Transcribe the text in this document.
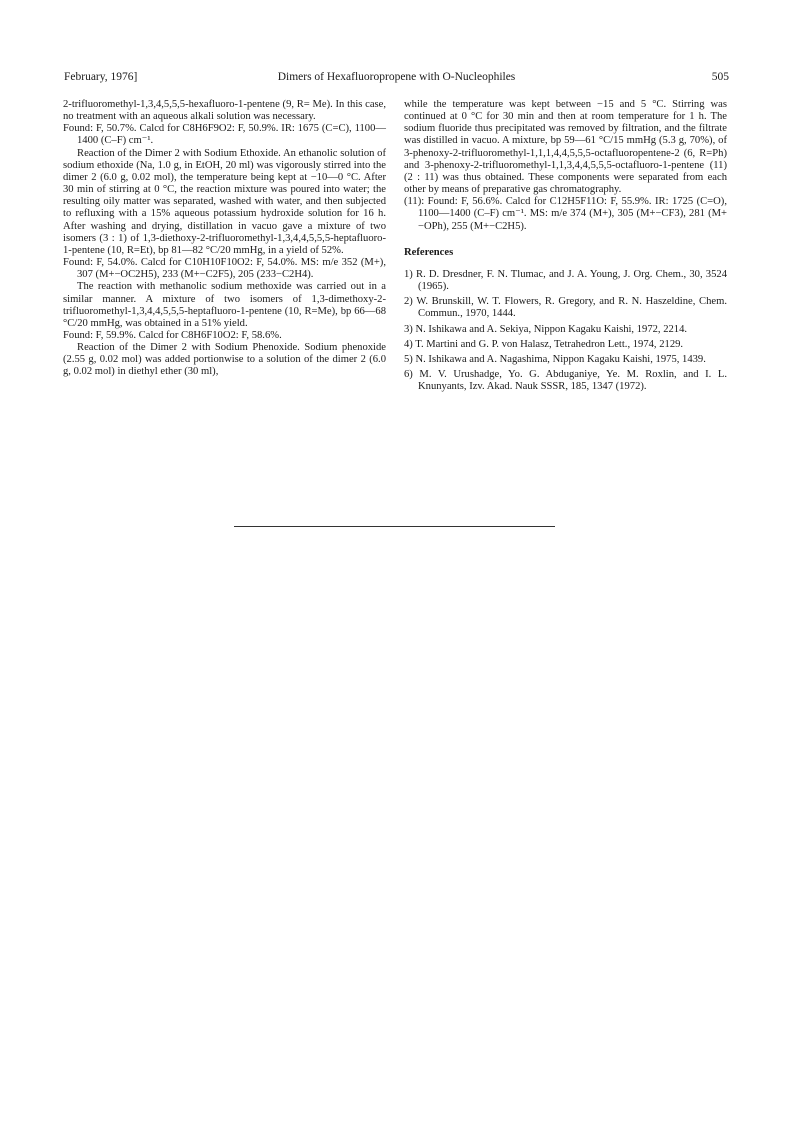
February, 1976]	Dimers of Hexafluoropropene with O-Nucleophiles	505

2-trifluoromethyl-1,3,4,5,5,5-hexafluoro-1-pentene (9, R= Me). In this case, no treatment with an aqueous alkali solution was necessary.

Found: F, 50.7%. Calcd for C8H6F9O2: F, 50.9%. IR: 1675 (C=C), 1100—1400 (C–F) cm⁻¹.

Reaction of the Dimer 2 with Sodium Ethoxide. An ethanolic solution of sodium ethoxide (Na, 1.0 g, in EtOH, 20 ml) was vigorously stirred into the dimer 2 (6.0 g, 0.02 mol), the temperature being kept at −10—0 °C. After 30 min of stirring at 0 °C, the reaction mixture was poured into water; the resulting oily matter was separated, washed with water, and then subjected to refluxing with a 15% aqueous potassium hydroxide solution for 16 h. After washing and drying, distillation in vacuo gave a mixture of two isomers (3 : 1) of 1,3-diethoxy-2-trifluoromethyl-1,3,4,4,5,5,5-heptafluoro-1-pentene (10, R=Et), bp 81—82 °C/20 mmHg, in a yield of 52%.

Found: F, 54.0%. Calcd for C10H10F10O2: F, 54.0%. MS: m/e 352 (M+), 307 (M+−OC2H5), 233 (M+−C2F5), 205 (233−C2H4).

The reaction with methanolic sodium methoxide was carried out in a similar manner. A mixture of two isomers of 1,3-dimethoxy-2-trifluoromethyl-1,3,4,4,5,5,5-heptafluoro-1-pentene (10, R=Me), bp 66—68 °C/20 mmHg, was obtained in a 51% yield.

Found: F, 59.9%. Calcd for C8H6F10O2: F, 58.6%.

Reaction of the Dimer 2 with Sodium Phenoxide. Sodium phenoxide (2.55 g, 0.02 mol) was added portionwise to a solution of the dimer 2 (6.0 g, 0.02 mol) in diethyl ether (30 ml),

while the temperature was kept between −15 and 5 °C. Stirring was continued at 0 °C for 30 min and then at room temperature for 1 h. The sodium fluoride thus precipitated was removed by filtration, and the filtrate was distilled in vacuo. A mixture, bp 59—61 °C/15 mmHg (5.3 g, 70%), of 3-phenoxy-2-trifluoromethyl-1,1,1,4,4,5,5,5-octafluoropentene-2 (6, R=Ph) and 3-phenoxy-2-trifluoromethyl-1,1,3,4,4,5,5,5-octafluoro-1-pentene (11) (2 : 11) was thus obtained. These components were separated from each other by means of preparative gas chromatography.

(11): Found: F, 56.6%. Calcd for C12H5F11O: F, 55.9%. IR: 1725 (C=O), 1100—1400 (C–F) cm⁻¹. MS: m/e 374 (M+), 305 (M+−CF3), 281 (M+−OPh), 255 (M+−C2H5).

References

1) R. D. Dresdner, F. N. Tlumac, and J. A. Young, J. Org. Chem., 30, 3524 (1965).

2) W. Brunskill, W. T. Flowers, R. Gregory, and R. N. Haszeldine, Chem. Commun., 1970, 1444.

3) N. Ishikawa and A. Sekiya, Nippon Kagaku Kaishi, 1972, 2214.

4) T. Martini and G. P. von Halasz, Tetrahedron Lett., 1974, 2129.

5) N. Ishikawa and A. Nagashima, Nippon Kagaku Kaishi, 1975, 1439.

6) M. V. Urushadge, Yo. G. Abduganiye, Ye. M. Roxlin, and I. L. Knunyants, Izv. Akad. Nauk SSSR, 185, 1347 (1972).
